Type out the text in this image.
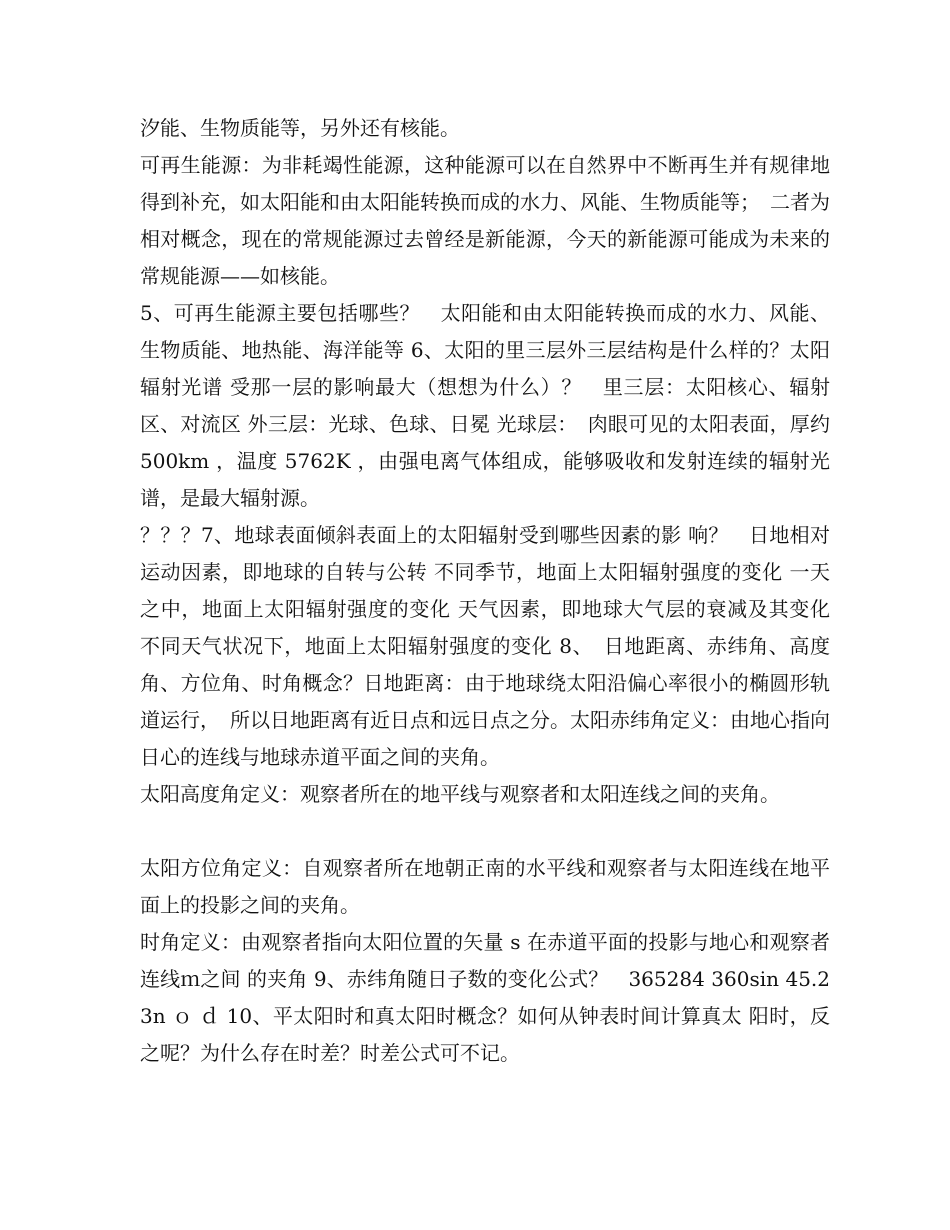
汐能、生物质能等，另外还有核能。

可再生能源：为非耗竭性能源，这种能源可以在自然界中不断再生并有规律地得到补充，如太阳能和由太阳能转换而成的水力、风能、生物质能等；　二者为相对概念，现在的常规能源过去曾经是新能源，今天的新能源可能成为未来的常规能源——如核能。

5、可再生能源主要包括哪些？　太阳能和由太阳能转换而成的水力、风能、生物质能、地热能、海洋能等 6、太阳的里三层外三层结构是什么样的？太阳辐射光谱 受那一层的影响最大（想想为什么）？　里三层：太阳核心、辐射区、对流区 外三层：光球、色球、日冕 光球层：　肉眼可见的太阳表面，厚约 500km ，温度 5762K ，由强电离气体组成，能够吸收和发射连续的辐射光谱，是最大辐射源。

？？？7、地球表面倾斜表面上的太阳辐射受到哪些因素的影 响？　日地相对运动因素，即地球的自转与公转 不同季节，地面上太阳辐射强度的变化 一天之中，地面上太阳辐射强度的变化 天气因素，即地球大气层的衰减及其变化 不同天气状况下，地面上太阳辐射强度的变化 8、　日地距离、赤纬角、高度角、方位角、时角概念？日地距离：由于地球绕太阳沿偏心率很小的椭圆形轨道运行，　所以日地距离有近日点和远日点之分。太阳赤纬角定义：由地心指向日心的连线与地球赤道平面之间的夹角。

太阳高度角定义：观察者所在的地平线与观察者和太阳连线之间的夹角。

太阳方位角定义：自观察者所在地朝正南的水平线和观察者与太阳连线在地平面上的投影之间的夹角。

时角定义：由观察者指向太阳位置的矢量 s 在赤道平面的投影与地心和观察者连线ｍ之间 的夹角 9、赤纬角随日子数的变化公式？　365284 360sin 45.23n ｏ ｄ 10、平太阳时和真太阳时概念？如何从钟表时间计算真太 阳时，反之呢？为什么存在时差？时差公式可不记。
